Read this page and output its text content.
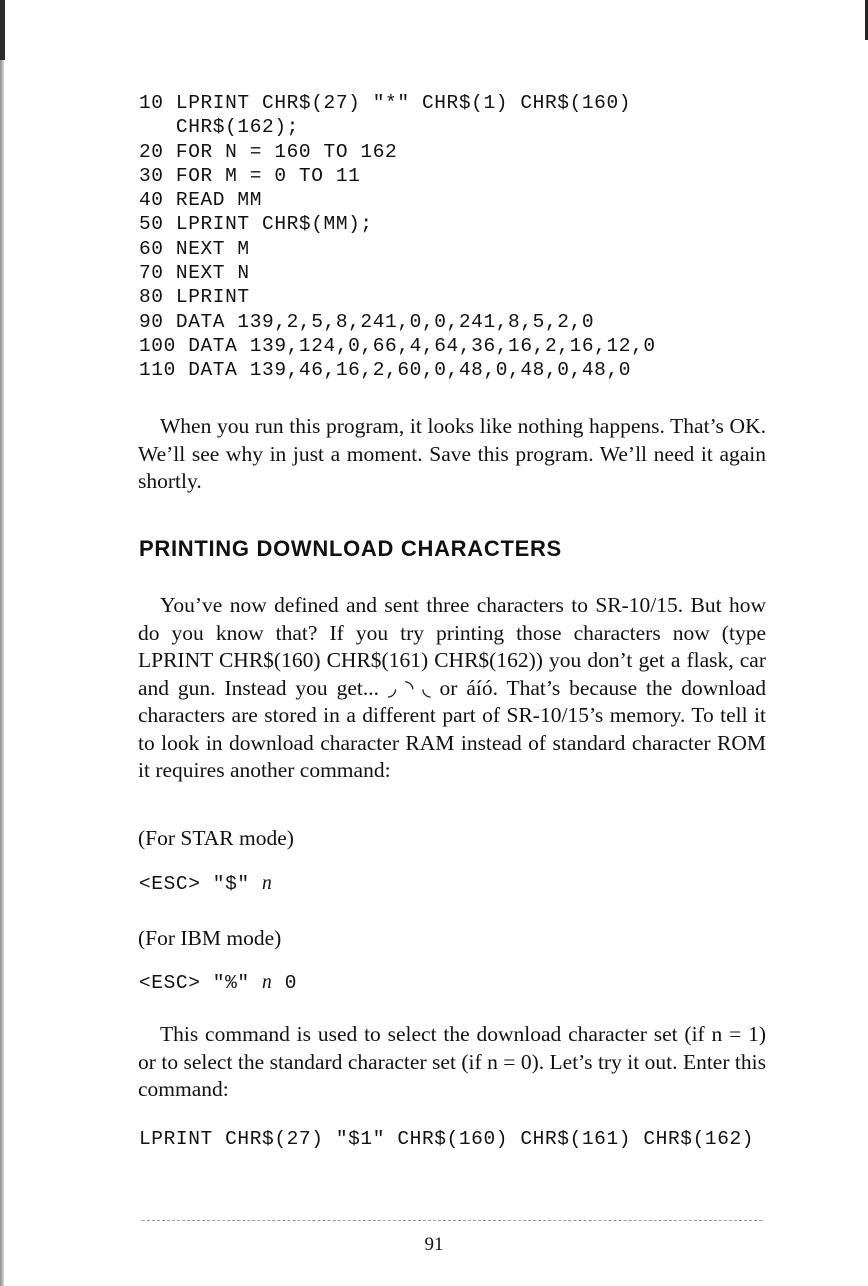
10 LPRINT CHR$(27) "*" CHR$(1) CHR$(160)
CHR$(162);
20 FOR N = 160 TO 162
30 FOR M = 0 TO 11
40 READ MM
50 LPRINT CHR$(MM);
60 NEXT M
70 NEXT N
80 LPRINT
90 DATA 139,2,5,8,241,0,0,241,8,5,2,0
100 DATA 139,124,0,66,4,64,36,16,2,16,12,0
110 DATA 139,46,16,2,60,0,48,0,48,0,48,0
When you run this program, it looks like nothing happens. That’s OK. We’ll see why in just a moment. Save this program. We’ll need it again shortly.
PRINTING DOWNLOAD CHARACTERS
You’ve now defined and sent three characters to SR-10/15. But how do you know that? If you try printing those characters now (type LPRINT CHR$(160) CHR$(161) CHR$(162)) you don’t get a flask, car and gun. Instead you get... ◞ ◝ ◟ or áíó. That’s because the download characters are stored in a different part of SR-10/15’s memory. To tell it to look in download character RAM instead of standard character ROM it requires another command:
(For STAR mode)
<ESC> "$" n
(For IBM mode)
<ESC> "%" n 0
This command is used to select the download character set (if n = 1) or to select the standard character set (if n = 0). Let’s try it out. Enter this command:
LPRINT CHR$(27) "$1" CHR$(160) CHR$(161) CHR$(162)
91
